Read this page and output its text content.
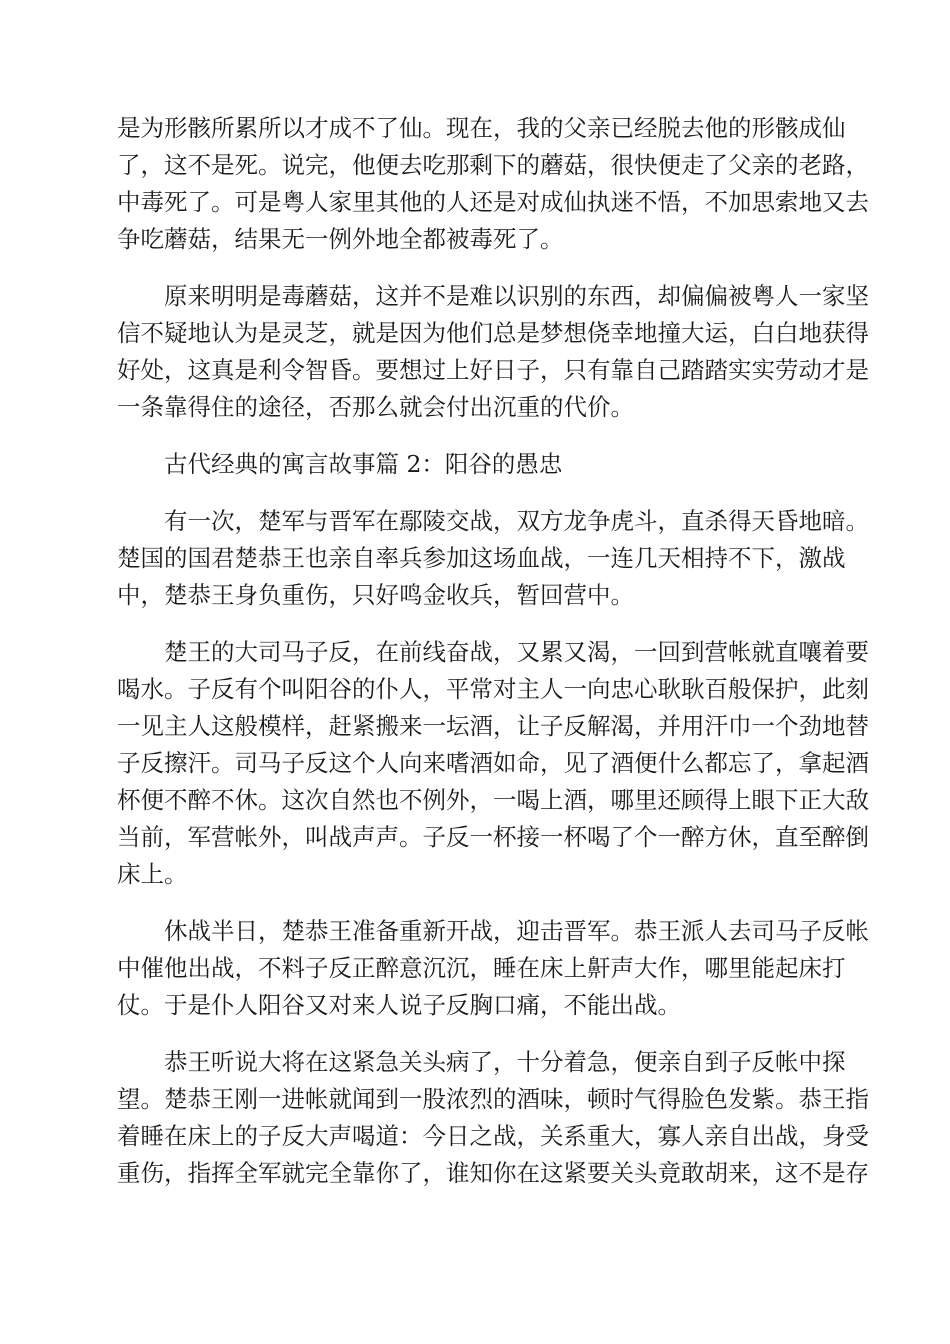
是为形骸所累所以才成不了仙。现在，我的父亲已经脱去他的形骸成仙
了，这不是死。说完，他便去吃那剩下的蘑菇，很快便走了父亲的老路，
中毒死了。可是粤人家里其他的人还是对成仙执迷不悟，不加思索地又去
争吃蘑菇，结果无一例外地全都被毒死了。

原来明明是毒蘑菇，这并不是难以识别的东西，却偏偏被粤人一家坚
信不疑地认为是灵芝，就是因为他们总是梦想侥幸地撞大运，白白地获得
好处，这真是利令智昏。要想过上好日子，只有靠自己踏踏实实劳动才是
一条靠得住的途径，否那么就会付出沉重的代价。

古代经典的寓言故事篇 2：阳谷的愚忠

有一次，楚军与晋军在鄢陵交战，双方龙争虎斗，直杀得天昏地暗。
楚国的国君楚恭王也亲自率兵参加这场血战，一连几天相持不下，激战
中，楚恭王身负重伤，只好鸣金收兵，暂回营中。

楚王的大司马子反，在前线奋战，又累又渴，一回到营帐就直嚷着要
喝水。子反有个叫阳谷的仆人，平常对主人一向忠心耿耿百般保护，此刻
一见主人这般模样，赶紧搬来一坛酒，让子反解渴，并用汗巾一个劲地替
子反擦汗。司马子反这个人向来嗜酒如命，见了酒便什么都忘了，拿起酒
杯便不醉不休。这次自然也不例外，一喝上酒，哪里还顾得上眼下正大敌
当前，军营帐外，叫战声声。子反一杯接一杯喝了个一醉方休，直至醉倒
床上。

休战半日，楚恭王准备重新开战，迎击晋军。恭王派人去司马子反帐
中催他出战，不料子反正醉意沉沉，睡在床上鼾声大作，哪里能起床打
仗。于是仆人阳谷又对来人说子反胸口痛，不能出战。

恭王听说大将在这紧急关头病了，十分着急，便亲自到子反帐中探
望。楚恭王刚一进帐就闻到一股浓烈的酒味，顿时气得脸色发紫。恭王指
着睡在床上的子反大声喝道：今日之战，关系重大，寡人亲自出战，身受
重伤，指挥全军就完全靠你了，谁知你在这紧要关头竟敢胡来，这不是存
